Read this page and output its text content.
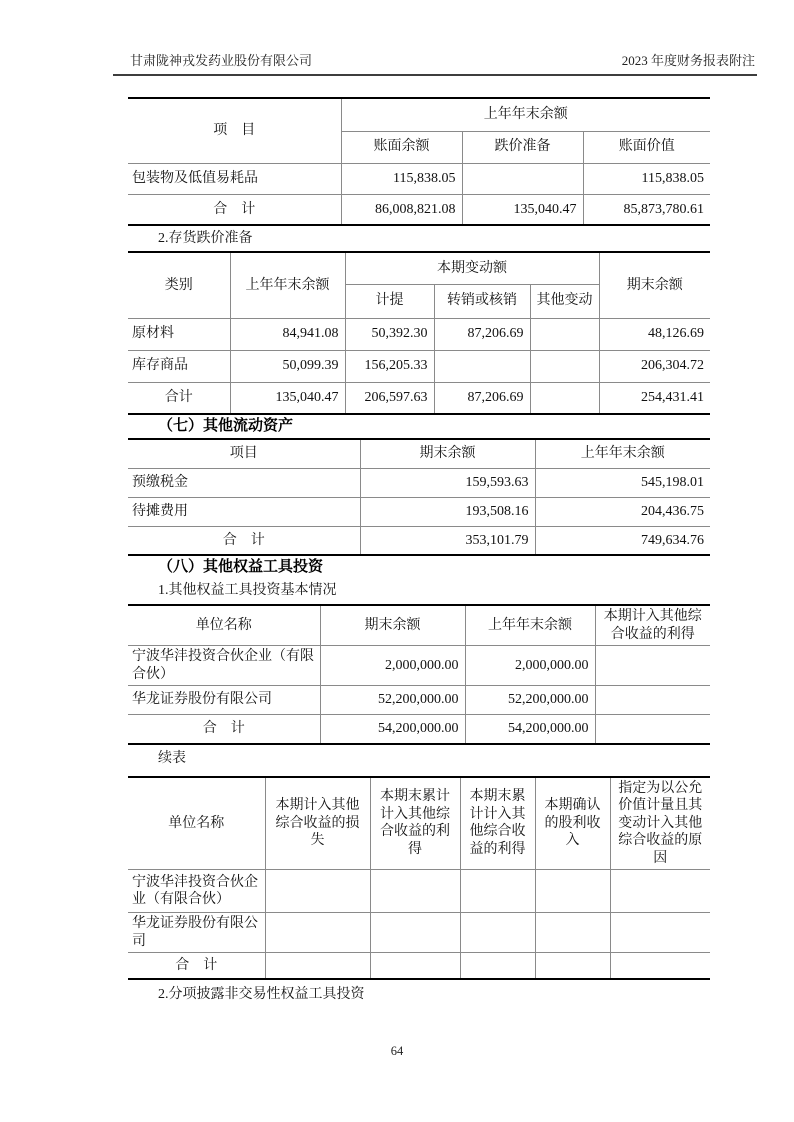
甘肃陇神戎发药业股份有限公司	2023 年度财务报表附注
项　目	上年年末余额		
	账面余额	跌价准备	账面价值
包装物及低值易耗品	115,838.05		115,838.05
合　计	86,008,821.08	135,040.47	85,873,780.61

2.存货跌价准备

类别	上年年末余额	本期变动额			期末余额
		计提	转销或核销	其他变动	
原材料	84,941.08	50,392.30	87,206.69		48,126.69
库存商品	50,099.39	156,205.33			206,304.72
合计	135,040.47	206,597.63	87,206.69		254,431.41

（七）其他流动资产

项目	期末余额	上年年末余额
预缴税金	159,593.63	545,198.01
待摊费用	193,508.16	204,436.75
合　计	353,101.79	749,634.76

（八）其他权益工具投资

1.其他权益工具投资基本情况

单位名称	期末余额	上年年末余额	本期计入其他综合收益的利得
宁波华沣投资合伙企业（有限合伙）	2,000,000.00	2,000,000.00	
华龙证券股份有限公司	52,200,000.00	52,200,000.00	
合　计	54,200,000.00	54,200,000.00	

续表

单位名称	本期计入其他综合收益的损失	本期末累计计入其他综合收益的利得	本期末累计计入其他综合收益的利得	本期确认的股利收入	指定为以公允价值计量且其变动计入其他综合收益的原因
宁波华沣投资合伙企业（有限合伙）					
华龙证券股份有限公司					
合　计					

2.分项披露非交易性权益工具投资

64
